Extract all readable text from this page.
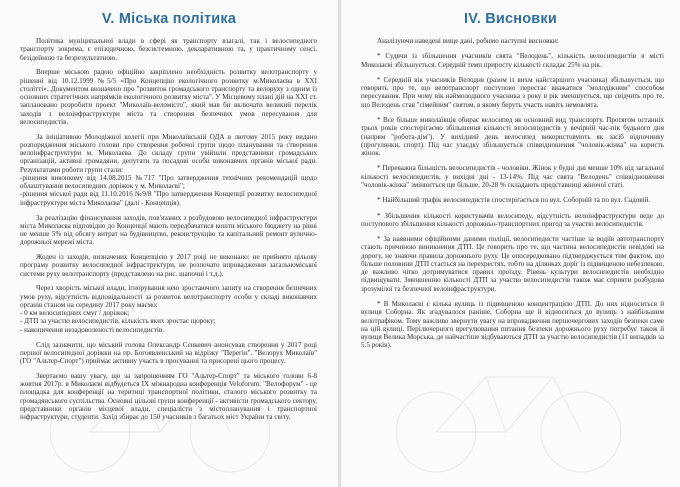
V. Міська політика

Політика муніципальної влади в сфері як транспорту взагалі, так і велосипедного транспорту зокрема, є епізодичною, безсистемною, декларативною та, у практичному сенсі, безідейною та безрезультатною.

Вперше міською радою офіційно закріплено необхідність розвитку велотранспорту у рішенні від 10.12.1999 №5/5 «Про Концепцію екологічного розвитку м.Миколаєва в XXI столітті». Документом визначено про "розвиток громадського транспорту та велоруху з одним із основних стратегічних напрямків екологічного розвитку міста". У Місцевому плані дій на XXI ст. заплановано розробити проект "Миколаїв-веломісто", який мав би включати великий перелік заходів з велоінфраструктури міста та створення безпечних умов пересування для велосипедистів.

За ініціативою Молодіжної колегії при Миколаївській ОДА в лютому 2015 року видано розпорядження міського голови про створення робочої групи щодо планування та створення велоінфраструктури м. Миколаєва. До складу групи увійшли представники громадських організацій, активні громадяни, депутати та посадові особи виконавчих органів міської ради. Результатами роботи групи стали:
-рішення виконкому від 14.08.2015 №717 "Про затвердження технічних рекомендацій щодо облаштування велосипедних доріжок у м. Миколаєві";
-рішення міської ради від 11.10.2016 №9/8 "Про затвердження Концепції розвитку велосипедної інфраструктури міста Миколаєва" (далі - Концепція).

За реалізацію фінансування заходів, пов'язаних з розбудовою велосипедної інфраструктури міста Миколаєва відповідно до Концепції мають передбачатися кошти міського бюджету на рівні не менше 5% від обсягу витрат на будівництво, реконструкцію та капітальний ремонт вулично-дорожньої мережі міста.

Жоден із заходів, визначених Концепцією у 2017 році не виконано: не прийнято цільову програму розвитку велосипедної інфраструктури, не розпочато впровадження загальноміської системи руху велотранспорту (представлено на рис. шапочні і т.д.).

Через хворість міської влади, ігнорування нею зростаючого запиту на створення безпечних умов руху, відсутність відповідальності за розвиток велотранспорту особи у складі виконавчих органів станом на середину 2017 року маємо:
- 0 км велосипедних смуг / доріжок;
- ДТП за участю велосипедистів, кількість яких зростає щороку;
- накопичення незадоволеності велосипедистів.

Слід зазначити, що міський голова Олександр Сєнкевич анонсував створення у 2017 році першої велосипедної доріжки на пр. Богоявленський на відрізку "Перегін". "Велорух Миколаїв" (ГО "Альтер-Спорт") приймає активну участь в просуванні та присорені цього процесу.

Звертаємо вашу увагу, що за запрошенням ГО "Альтер-Спорт" та міського голови 6-8 жовтня 2017р. в Миколаєві відбудеться IX міжнародна конференція Velоforum. "Велофорум" - це площадка для конференції на теритиці транспортної політики, сталого міського розвитку та громадянського суспільства. Основні цільові групи конференції - активісти громадського сектору, представники органів місцевої влади, спеціалісти з містопланування і транспортної інфраструктури, студенти. Захід збирає до 150 учасників з багатьох міст України та світу.

IV. Висновки

Аналізуючи наведені вище дані, робимо наступні висновки:

* Судячи із збільшення учасників свята "Велодень", кількість велосипедистів в місті Миколаєві збільшується. Середній темп приросту кількості складає 25% на рік.

* Середній вік учасників Велодня (разом із вихм найстаршого учасника) збільшується, що говорить про те, що велотранспорт поступово перестає вважатися "молодіжним" способом пересування. При чому вік наймолодшого учасника з року в рік зменшується, що свідчить про те, що Велодень став "сімейним" святом, в якому беруть участь навіть немовлята.

* Все більше миколаївців обирає велосипед як основний вид транспорту. Протягом останніх трьох років спостерігаємо збільшення кількості велосипедистів у вечірній час-пік будьного дня (напрям "робота-дім"). У вихідний день велосипед використовують як засіб відпочинку (прогулянки, спорт). Під час узаєдку збільшується співвідношення "чоловік-жінка" на користь жінок.

* Переважна більшість велосипедистів - чоловіки. Жінок у будні дні менше 10% від загальної кількості велосипедистів, у вихідні дні - 13-14%. Під час свята "Велодень" співвідношення "чоловік-жінка" змінюється ще більше, 20-28 % складають представниці жіночої статі.

* Найбільший трафік велосипедистів спостерігається по вул. Соборній та по вул. Садовій.

* Збільшення кількості користувачів велосипеду, відсутність велоінфраструктури веде до поступового збільшення кількості дорожньо-транспортних пригод за участю велосипедистів.

* За наявними офіційними даними поліції, велосипедисти частіше за водіїв автотранспорту стають причиною виникнення ДТП. Це говорить про те, що частина велосипедистів невідомі на дорогу, не знаючи правила дорожнього руху. Це опосередковано підтверджується тим фактом, що більше половини ДТП стається на перехрестях, тобто на ділянках доріг із підвищеною небезпекою, де важливо чітко дотримуватися правил проїзду. Рівень культури велосипедистів необхідно підвищувати. Зменшенню кількості ДТП за участю велосипедистів також має сприяти розбудова зрозумілої та безпечної велоінфраструктури.

* В Миколаєві є кілька вулиць із підвищеною концентрацією ДТП. До них відноситься й вулиця Соборна. Як згадувалося раніше, Соборна ще й відноситься до вулиць з найбільшим велотрафіком. Тому важливо звернути увагу на впровадження першочергових заходів безпеки саме на цій вулиці. Перілючерного врегулювання питання безпеки дорожнього руху потребує також й вулиця Велика Морська, де найчастіше відбуваються ДТП за участю велосипедистів (11 випадків за 5.5 років).
